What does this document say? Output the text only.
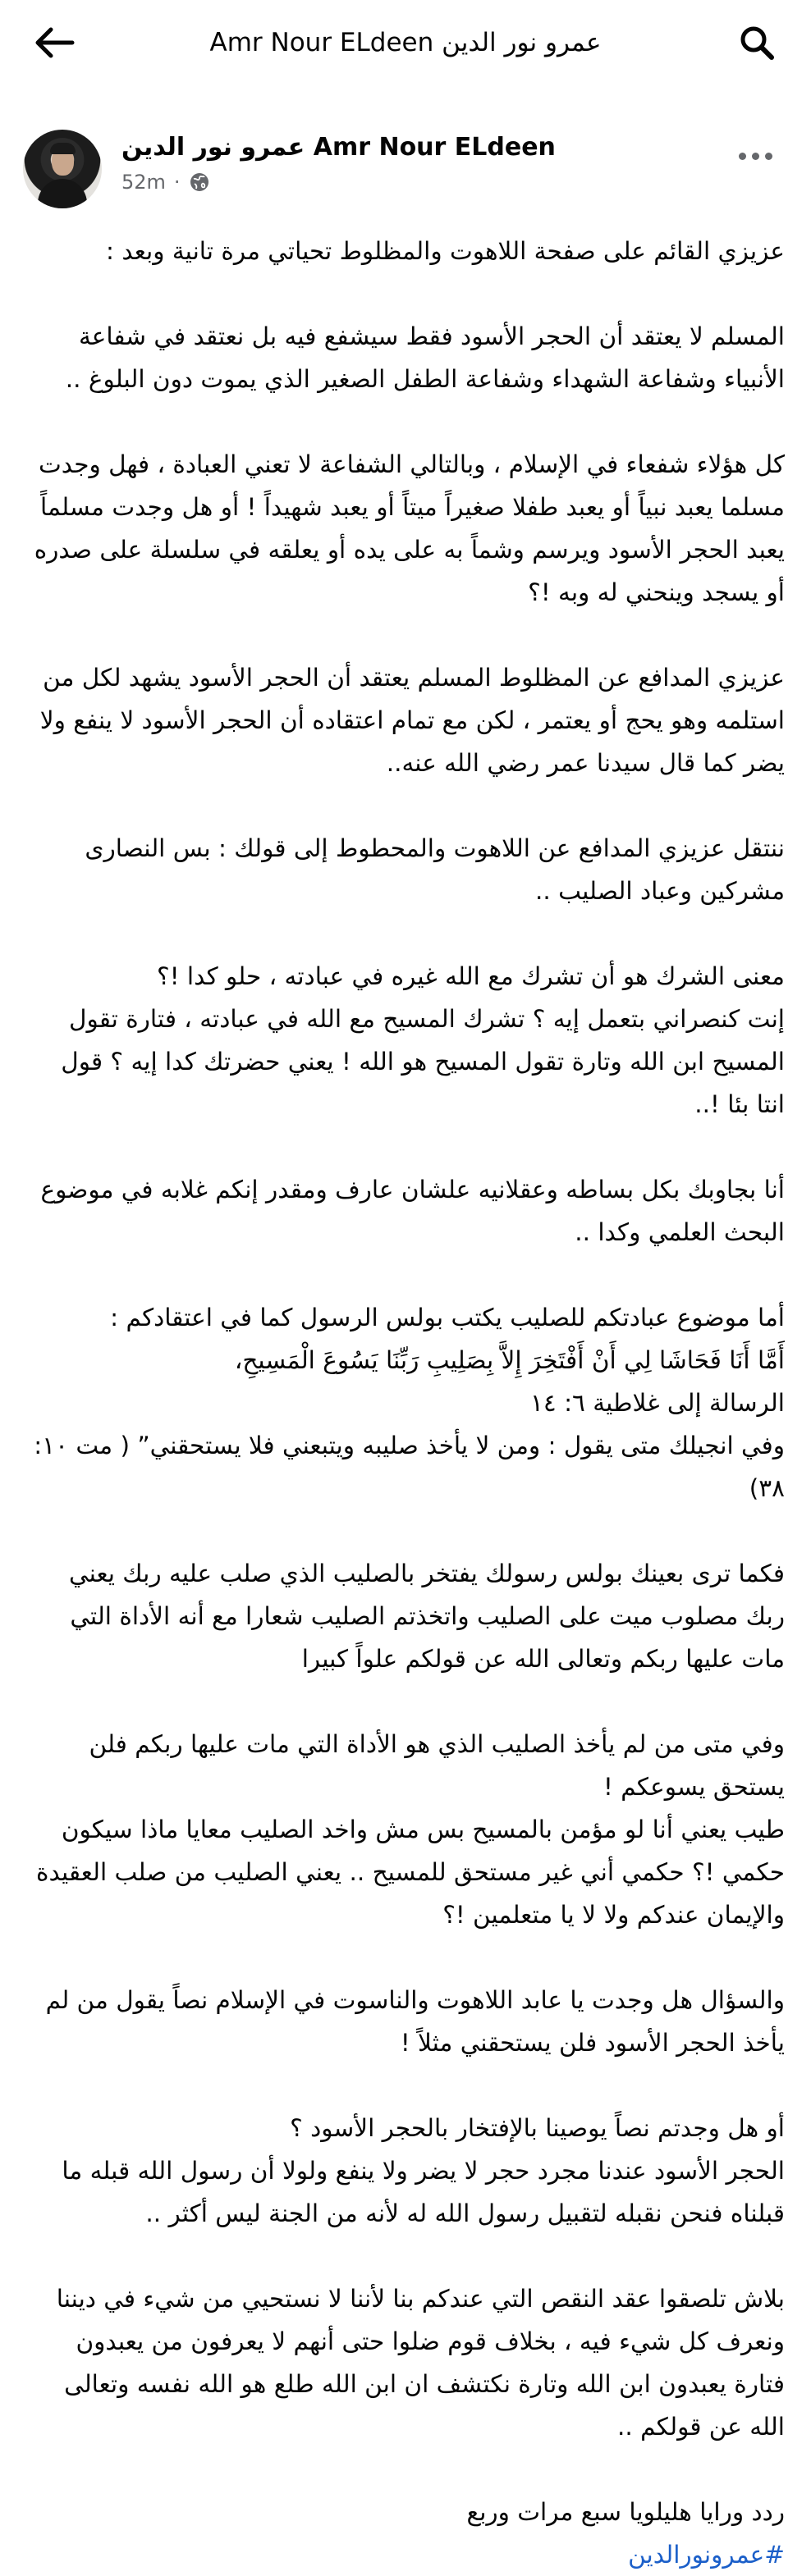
Amr Nour ELdeen عمرو نور الدين
عمرو نور الدين Amr Nour ELdeen
52m ·

عزيزي القائم على صفحة اللاهوت والمظلوط تحياتي مرة تانية وبعد :

المسلم لا يعتقد أن الحجر الأسود فقط سيشفع فيه بل نعتقد في شفاعة الأنبياء وشفاعة الشهداء وشفاعة الطفل الصغير الذي يموت دون البلوغ ..

كل هؤلاء شفعاء في الإسلام ، وبالتالي الشفاعة لا تعني العبادة ، فهل وجدت مسلما يعبد نبياً أو يعبد طفلا صغيراً ميتاً أو يعبد شهيداً ! أو هل وجدت مسلماً يعبد الحجر الأسود ويرسم وشماً به على يده أو يعلقه في سلسلة على صدره أو يسجد وينحني له وبه !؟

عزيزي المدافع عن المظلوط المسلم يعتقد أن الحجر الأسود يشهد لكل من استلمه وهو يحج أو يعتمر ، لكن مع تمام اعتقاده أن الحجر الأسود لا ينفع ولا يضر كما قال سيدنا عمر رضي الله عنه..

ننتقل عزيزي المدافع عن اللاهوت والمحطوط إلى قولك : بس النصارى مشركين وعباد الصليب ..

معنى الشرك هو أن تشرك مع الله غيره في عبادته ، حلو كدا !؟
إنت كنصراني بتعمل إيه ؟ تشرك المسيح مع الله في عبادته ، فتارة تقول المسيح ابن الله وتارة تقول المسيح هو الله ! يعني حضرتك كدا إيه ؟ قول انتا بئا !..

أنا بجاوبك بكل بساطه وعقلانيه علشان عارف ومقدر إنكم غلابه في موضوع البحث العلمي وكدا ..

أما موضوع عبادتكم للصليب يكتب بولس الرسول كما في اعتقادكم :
أَمَّا أَنَا فَحَاشَا لِي أَنْ أَفْتَخِرَ إِلاَّ بِصَلِيبِ رَبِّنَا يَسُوعَ الْمَسِيحِ،
الرسالة إلى غلاطية ٦: ١٤
وفي انجيلك متى يقول : ومن لا يأخذ صليبه ويتبعني فلا يستحقني” ( مت ١٠: ٣٨)

فكما ترى بعينك بولس رسولك يفتخر بالصليب الذي صلب عليه ربك يعني ربك مصلوب ميت على الصليب واتخذتم الصليب شعارا مع أنه الأداة التي مات عليها ربكم وتعالى الله عن قولكم علواً كبيرا

وفي متى من لم يأخذ الصليب الذي هو الأداة التي مات عليها ربكم فلن يستحق يسوعكم !
طيب يعني أنا لو مؤمن بالمسيح بس مش واخد الصليب معايا ماذا سيكون حكمي !؟ حكمي أني غير مستحق للمسيح .. يعني الصليب من صلب العقيدة والإيمان عندكم ولا لا يا متعلمين !؟

والسؤال هل وجدت يا عابد اللاهوت والناسوت في الإسلام نصاً يقول من لم يأخذ الحجر الأسود فلن يستحقني مثلاً !

أو هل وجدتم نصاً يوصينا بالإفتخار بالحجر الأسود ؟
الحجر الأسود عندنا مجرد حجر لا يضر ولا ينفع ولولا أن رسول الله قبله ما قبلناه فنحن نقبله لتقبيل رسول الله له لأنه من الجنة ليس أكثر ..

بلاش تلصقوا عقد النقص التي عندكم بنا لأننا لا نستحيي من شيء في ديننا ونعرف كل شيء فيه ، بخلاف قوم ضلوا حتى أنهم لا يعرفون من يعبدون فتارة يعبدون ابن الله وتارة نكتشف ان ابن الله طلع هو الله نفسه وتعالى الله عن قولكم ..

ردد ورايا هليلويا سبع مرات وربع

#عمرونورالدين
